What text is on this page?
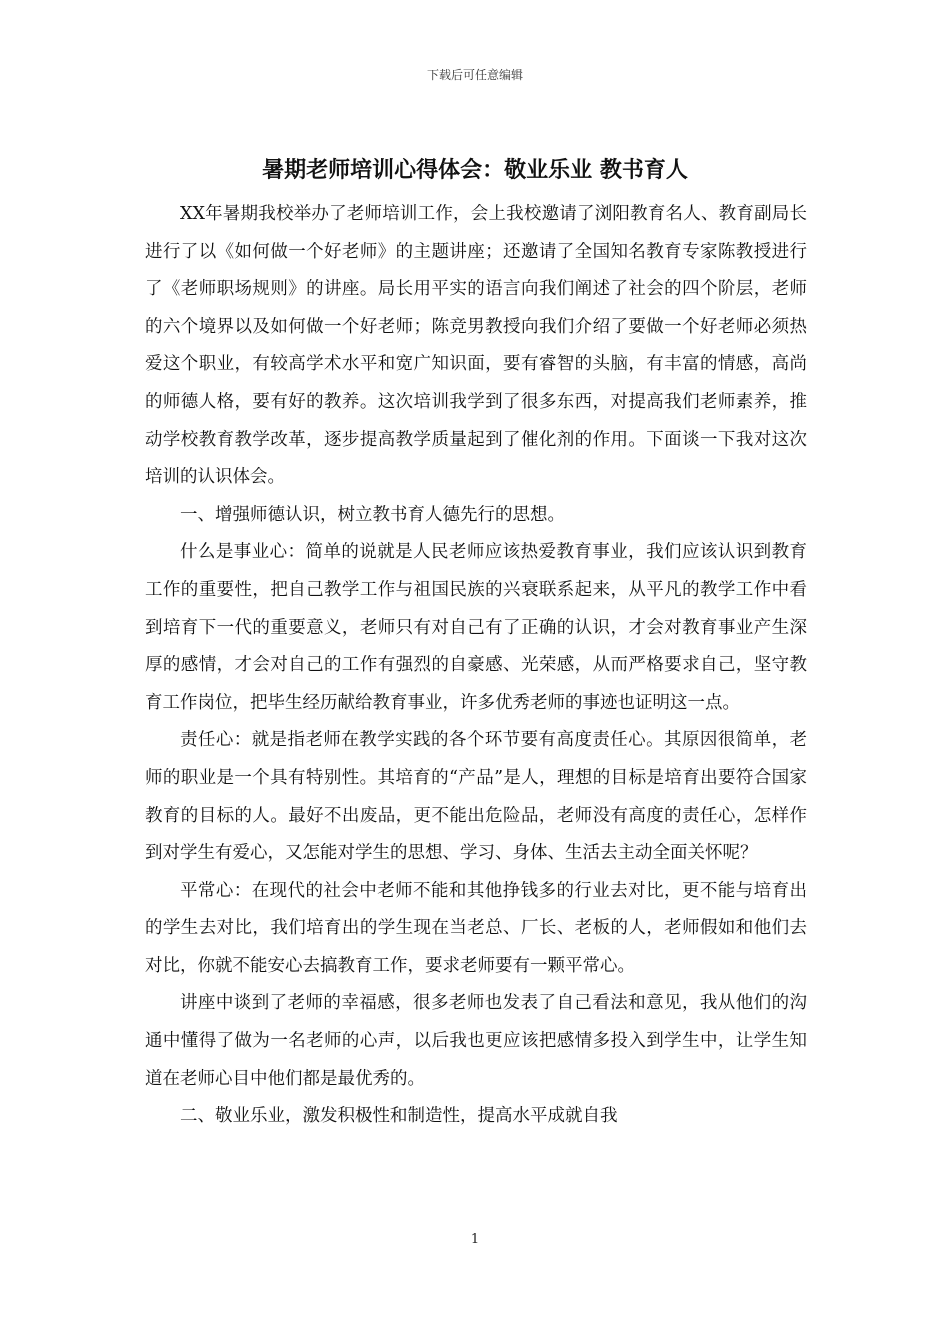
下载后可任意编辑
暑期老师培训心得体会：敬业乐业 教书育人

XX年暑期我校举办了老师培训工作，会上我校邀请了浏阳教育名人、教育副局长进行了以《如何做一个好老师》的主题讲座；还邀请了全国知名教育专家陈教授进行了《老师职场规则》的讲座。局长用平实的语言向我们阐述了社会的四个阶层，老师的六个境界以及如何做一个好老师；陈竞男教授向我们介绍了要做一个好老师必须热爱这个职业，有较高学术水平和宽广知识面，要有睿智的头脑，有丰富的情感，高尚的师德人格，要有好的教养。这次培训我学到了很多东西，对提高我们老师素养，推动学校教育教学改革，逐步提高教学质量起到了催化剂的作用。下面谈一下我对这次培训的认识体会。

一、增强师德认识，树立教书育人德先行的思想。

什么是事业心：简单的说就是人民老师应该热爱教育事业，我们应该认识到教育工作的重要性，把自己教学工作与祖国民族的兴衰联系起来，从平凡的教学工作中看到培育下一代的重要意义，老师只有对自己有了正确的认识，才会对教育事业产生深厚的感情，才会对自己的工作有强烈的自豪感、光荣感，从而严格要求自己，坚守教育工作岗位，把毕生经历献给教育事业，许多优秀老师的事迹也证明这一点。

责任心：就是指老师在教学实践的各个环节要有高度责任心。其原因很简单，老师的职业是一个具有特别性。其培育的“产品”是人，理想的目标是培育出要符合国家教育的目标的人。最好不出废品，更不能出危险品，老师没有高度的责任心，怎样作到对学生有爱心，又怎能对学生的思想、学习、身体、生活去主动全面关怀呢？

平常心：在现代的社会中老师不能和其他挣钱多的行业去对比，更不能与培育出的学生去对比，我们培育出的学生现在当老总、厂长、老板的人，老师假如和他们去对比，你就不能安心去搞教育工作，要求老师要有一颗平常心。

讲座中谈到了老师的幸福感，很多老师也发表了自己看法和意见，我从他们的沟通中懂得了做为一名老师的心声，以后我也更应该把感情多投入到学生中，让学生知道在老师心目中他们都是最优秀的。

二、敬业乐业，激发积极性和制造性，提高水平成就自我

1
